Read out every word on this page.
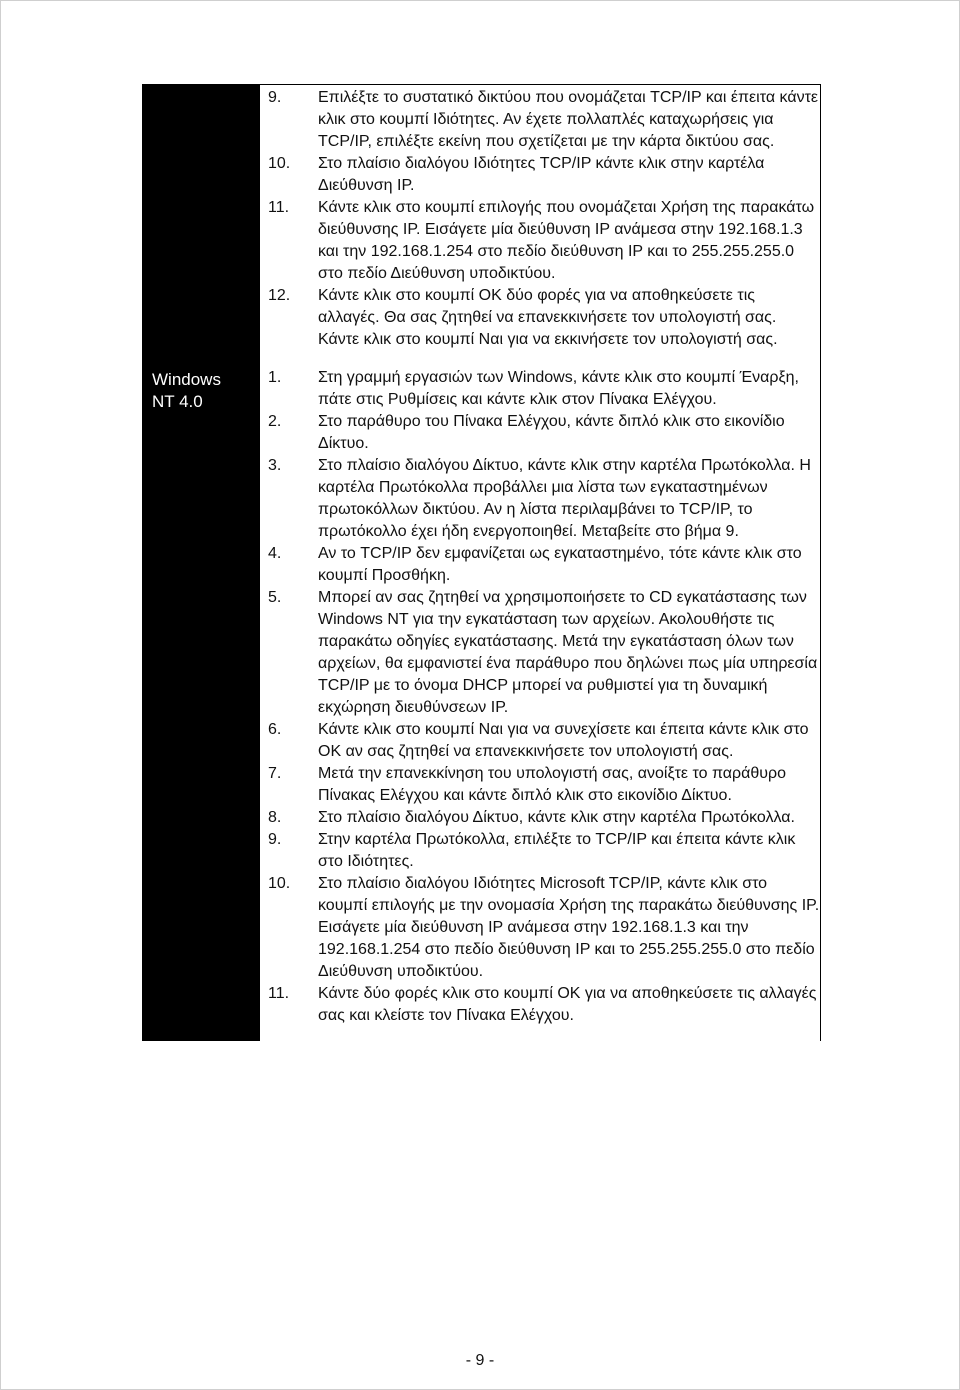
9.	Επιλέξτε το συστατικό δικτύου που ονομάζεται TCP/IP και έπειτα κάντε κλικ στο κουμπί Ιδιότητες. Αν έχετε πολλαπλές καταχωρήσεις για TCP/IP, επιλέξτε εκείνη που σχετίζεται με την κάρτα δικτύου σας.
10.	Στο πλαίσιο διαλόγου Ιδιότητες TCP/IP κάντε κλικ στην καρτέλα Διεύθυνση IP.
11.	Κάντε κλικ στο κουμπί επιλογής που ονομάζεται Χρήση της παρακάτω διεύθυνσης IP. Εισάγετε μία διεύθυνση IP ανάμεσα στην 192.168.1.3 και την 192.168.1.254 στο πεδίο διεύθυνση IP και το 255.255.255.0 στο πεδίο Διεύθυνση υποδικτύου.
12.	Κάντε κλικ στο κουμπί ΟΚ δύο φορές για να αποθηκεύσετε τις αλλαγές. Θα σας ζητηθεί να επανεκκινήσετε τον υπολογιστή σας. Κάντε κλικ στο κουμπί Ναι για να εκκινήσετε τον υπολογιστή σας.
Windows
NT 4.0
1.	Στη γραμμή εργασιών των Windows, κάντε κλικ στο κουμπί Έναρξη, πάτε στις Ρυθμίσεις και κάντε κλικ στον Πίνακα Ελέγχου.
2.	Στο παράθυρο του Πίνακα Ελέγχου, κάντε διπλό κλικ στο εικονίδιο Δίκτυο.
3.	Στο πλαίσιο διαλόγου Δίκτυο, κάντε κλικ στην καρτέλα Πρωτόκολλα. Η καρτέλα Πρωτόκολλα προβάλλει μια λίστα των εγκαταστημένων πρωτοκόλλων δικτύου. Αν η λίστα περιλαμβάνει το TCP/IP, το πρωτόκολλο έχει ήδη ενεργοποιηθεί. Μεταβείτε στο βήμα 9.
4.	Αν το TCP/IP δεν εμφανίζεται ως εγκαταστημένο, τότε κάντε κλικ στο κουμπί Προσθήκη.
5.	Μπορεί αν σας ζητηθεί να χρησιμοποιήσετε το CD εγκατάστασης των Windows NT για την εγκατάσταση των αρχείων. Ακολουθήστε τις παρακάτω οδηγίες εγκατάστασης. Μετά την εγκατάσταση όλων των αρχείων, θα εμφανιστεί ένα παράθυρο που δηλώνει πως μία υπηρεσία TCP/IP με το όνομα DHCP μπορεί να ρυθμιστεί για τη δυναμική εκχώρηση διευθύνσεων IP.
6.	Κάντε κλικ στο κουμπί Ναι για να συνεχίσετε και έπειτα κάντε κλικ στο ΟΚ αν σας ζητηθεί να επανεκκινήσετε τον υπολογιστή σας.
7.	Μετά την επανεκκίνηση του υπολογιστή σας, ανοίξτε το παράθυρο Πίνακας Ελέγχου και κάντε διπλό κλικ στο εικονίδιο Δίκτυο.
8.	Στο πλαίσιο διαλόγου Δίκτυο, κάντε κλικ στην καρτέλα Πρωτόκολλα.
9.	Στην καρτέλα Πρωτόκολλα, επιλέξτε το TCP/IP και έπειτα κάντε κλικ στο Ιδιότητες.
10.	Στο πλαίσιο διαλόγου Ιδιότητες Microsoft TCP/IP, κάντε κλικ στο κουμπί επιλογής με την ονομασία Χρήση της παρακάτω διεύθυνσης IP. Εισάγετε μία διεύθυνση IP ανάμεσα στην 192.168.1.3 και την 192.168.1.254 στο πεδίο διεύθυνση IP και το 255.255.255.0 στο πεδίο Διεύθυνση υποδικτύου.
11.	Κάντε δύο φορές κλικ στο κουμπί ΟΚ για να αποθηκεύσετε τις αλλαγές σας και κλείστε τον Πίνακα Ελέγχου.
- 9 -
